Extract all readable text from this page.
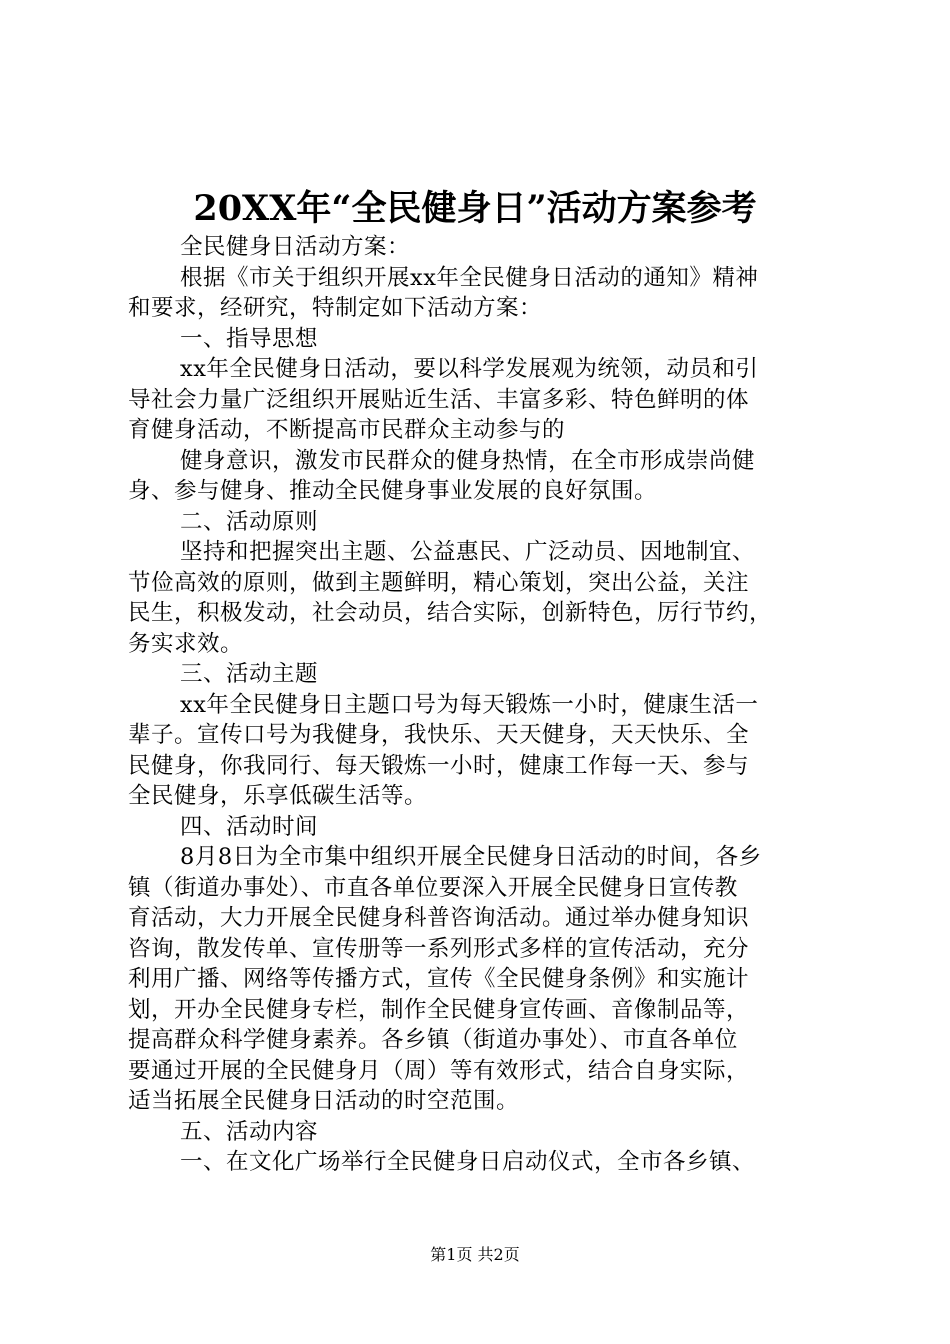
20XX年“全民健身日”活动方案参考
全民健身日活动方案：
根据《市关于组织开展xx年全民健身日活动的通知》精神
和要求，经研究，特制定如下活动方案：
一、指导思想
xx年全民健身日活动，要以科学发展观为统领，动员和引
导社会力量广泛组织开展贴近生活、丰富多彩、特色鲜明的体
育健身活动，不断提高市民群众主动参与的
健身意识，激发市民群众的健身热情，在全市形成崇尚健
身、参与健身、推动全民健身事业发展的良好氛围。
二、活动原则
坚持和把握突出主题、公益惠民、广泛动员、因地制宜、
节俭高效的原则，做到主题鲜明，精心策划，突出公益，关注
民生，积极发动，社会动员，结合实际，创新特色，厉行节约，
务实求效。
三、活动主题
xx年全民健身日主题口号为每天锻炼一小时，健康生活一
辈子。宣传口号为我健身，我快乐、天天健身，天天快乐、全
民健身，你我同行、每天锻炼一小时，健康工作每一天、参与
全民健身，乐享低碳生活等。
四、活动时间
8月8日为全市集中组织开展全民健身日活动的时间，各乡
镇（街道办事处）、市直各单位要深入开展全民健身日宣传教
育活动，大力开展全民健身科普咨询活动。通过举办健身知识
咨询，散发传单、宣传册等一系列形式多样的宣传活动，充分
利用广播、网络等传播方式，宣传《全民健身条例》和实施计
划，开办全民健身专栏，制作全民健身宣传画、音像制品等，
提高群众科学健身素养。各乡镇（街道办事处）、市直各单位
要通过开展的全民健身月（周）等有效形式，结合自身实际，
适当拓展全民健身日活动的时空范围。
五、活动内容
一、在文化广场举行全民健身日启动仪式，全市各乡镇、
第1页 共2页
